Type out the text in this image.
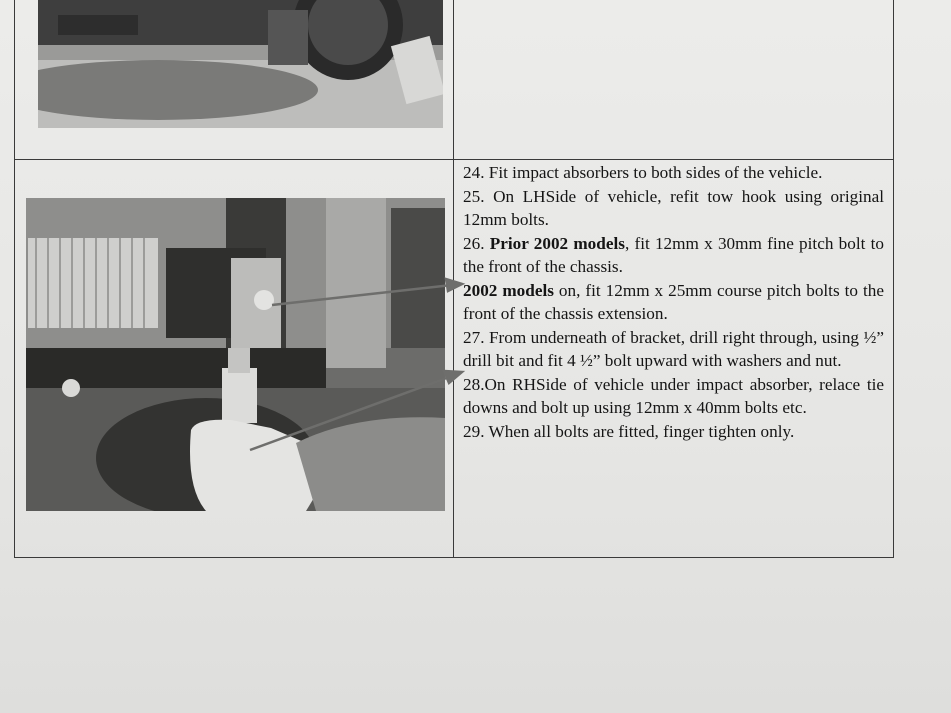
24. Fit impact absorbers to both sides of the vehicle.

25. On LHSide of vehicle, refit tow hook using original 12mm bolts.

26. Prior 2002 models, fit 12mm x 30mm fine pitch bolt to the front of the chassis.

2002 models on, fit 12mm x 25mm course pitch bolts to the front of the chassis extension.

27. From underneath of bracket, drill right through, using ½” drill bit and fit 4 ½” bolt upward with washers and nut.

28.On RHSide of vehicle under impact absorber, relace tie downs and bolt up using 12mm x 40mm bolts etc.

29. When all bolts are fitted, finger tighten only.
